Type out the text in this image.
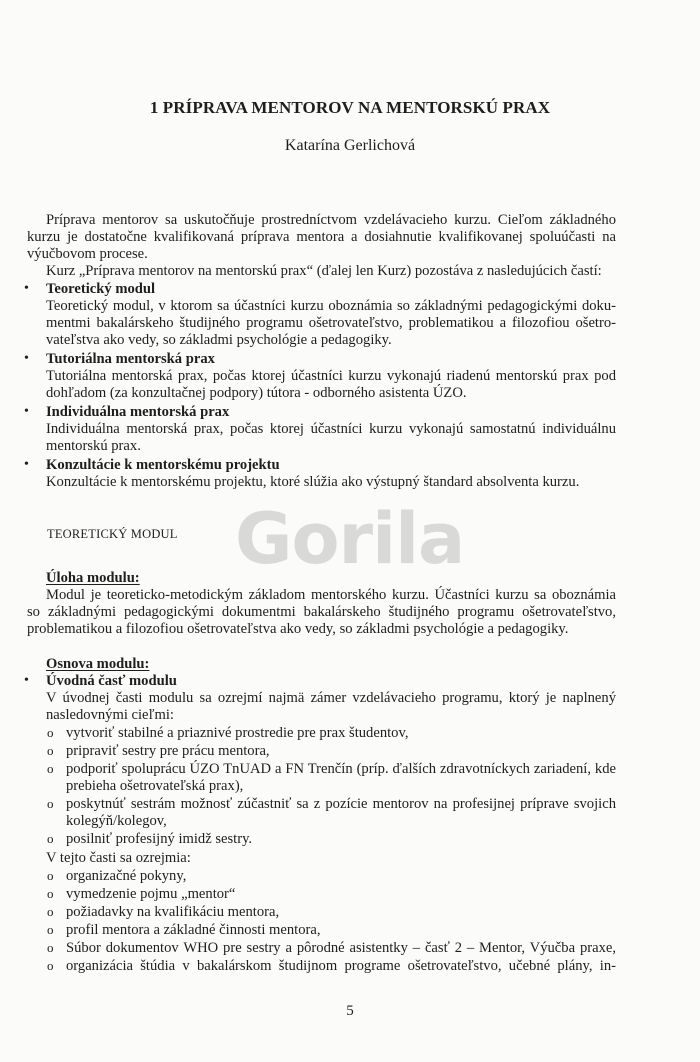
1 PRÍPRAVA MENTOROV NA MENTORSKÚ PRAX
Katarína Gerlichová
Príprava mentorov sa uskutočňuje prostredníctvom vzdelávacieho kurzu. Cieľom základného
kurzu je dostatočne kvalifikovaná príprava mentora a dosiahnutie kvalifikovanej spoluúčasti na
výučbovom procese.
Kurz „Príprava mentorov na mentorskú prax“ (ďalej len Kurz) pozostáva z nasledujúcich častí:
• Teoretický modul
Teoretický modul, v ktorom sa účastníci kurzu oboznámia so základnými pedagogickými doku-
mentmi bakalárskeho študijného programu ošetrovateľstvo, problematikou a filozofiou ošetro-
vateľstva ako vedy, so základmi psychológie a pedagogiky.
• Tutoriálna mentorská prax
Tutoriálna mentorská prax, počas ktorej účastníci kurzu vykonajú riadenú mentorskú prax pod
dohľadom (za konzultačnej podpory) tútora - odborného asistenta ÚZO.
• Individuálna mentorská prax
Individuálna mentorská prax, počas ktorej účastníci kurzu vykonajú samostatnú individuálnu
mentorskú prax.
• Konzultácie k mentorskému projektu
Konzultácie k mentorskému projektu, ktoré slúžia ako výstupný štandard absolventa kurzu.
Gorila
TEORETICKÝ MODUL
Úloha modulu:
Modul je teoreticko-metodickým základom mentorského kurzu. Účastníci kurzu sa oboznámia
so základnými pedagogickými dokumentmi bakalárskeho študijného programu ošetrovateľstvo,
problematikou a filozofiou ošetrovateľstva ako vedy, so základmi psychológie a pedagogiky.
Osnova modulu:
• Úvodná časť modulu
V úvodnej časti modulu sa ozrejmí najmä zámer vzdelávacieho programu, ktorý je naplnený
nasledovnými cieľmi:
o vytvoriť stabilné a priaznivé prostredie pre prax študentov,
o pripraviť sestry pre prácu mentora,
o podporiť spoluprácu ÚZO TnUAD a FN Trenčín (príp. ďalších zdravotníckych zariadení, kde
prebieha ošetrovateľská prax),
o poskytnúť sestrám možnosť zúčastniť sa z pozície mentorov na profesijnej príprave svojich
kolegýň/kolegov,
o posilniť profesijný imidž sestry.
V tejto časti sa ozrejmia:
o organizačné pokyny,
o vymedzenie pojmu „mentor“
o požiadavky na kvalifikáciu mentora,
o profil mentora a základné činnosti mentora,
o Súbor dokumentov WHO pre sestry a pôrodné asistentky – časť 2 – Mentor, Výučba praxe,
o organizácia štúdia v bakalárskom študijnom programe ošetrovateľstvo, učebné plány, in-
5
